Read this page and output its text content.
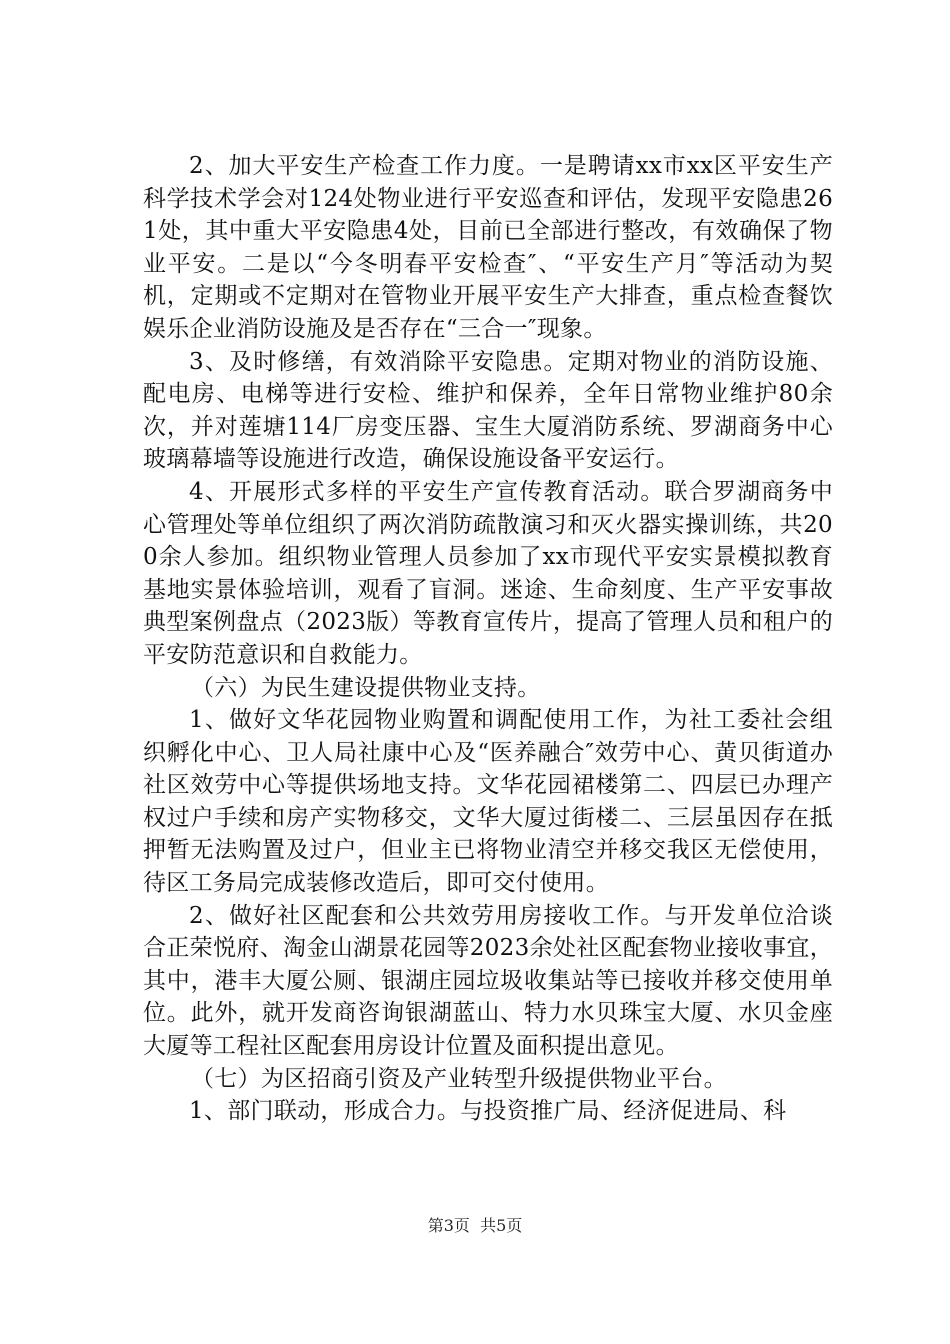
2、加大平安生产检查工作力度。一是聘请xx市xx区平安生产科学技术学会对124处物业进行平安巡查和评估，发现平安隐患261处，其中重大平安隐患4处，目前已全部进行整改，有效确保了物业平安。二是以“今冬明春平安检查″、“平安生产月″等活动为契机，定期或不定期对在管物业开展平安生产大排查，重点检查餐饮娱乐企业消防设施及是否存在“三合一″现象。

3、及时修缮，有效消除平安隐患。定期对物业的消防设施、配电房、电梯等进行安检、维护和保养，全年日常物业维护80余次，并对莲塘114厂房变压器、宝生大厦消防系统、罗湖商务中心玻璃幕墙等设施进行改造，确保设施设备平安运行。

4、开展形式多样的平安生产宣传教育活动。联合罗湖商务中心管理处等单位组织了两次消防疏散演习和灭火器实操训练，共200余人参加。组织物业管理人员参加了xx市现代平安实景模拟教育基地实景体验培训，观看了盲洞。迷途、生命刻度、生产平安事故典型案例盘点（2023版）等教育宣传片，提高了管理人员和租户的平安防范意识和自救能力。

（六）为民生建设提供物业支持。

1、做好文华花园物业购置和调配使用工作，为社工委社会组织孵化中心、卫人局社康中心及“医养融合″效劳中心、黄贝街道办社区效劳中心等提供场地支持。文华花园裙楼第二、四层已办理产权过户手续和房产实物移交，文华大厦过街楼二、三层虽因存在抵押暂无法购置及过户，但业主已将物业清空并移交我区无偿使用，待区工务局完成装修改造后，即可交付使用。

2、做好社区配套和公共效劳用房接收工作。与开发单位洽谈合正荣悦府、淘金山湖景花园等2023余处社区配套物业接收事宜，其中，港丰大厦公厕、银湖庄园垃圾收集站等已接收并移交使用单位。此外，就开发商咨询银湖蓝山、特力水贝珠宝大厦、水贝金座大厦等工程社区配套用房设计位置及面积提出意见。

（七）为区招商引资及产业转型升级提供物业平台。

1、部门联动，形成合力。与投资推广局、经济促进局、科

第3页 共5页
